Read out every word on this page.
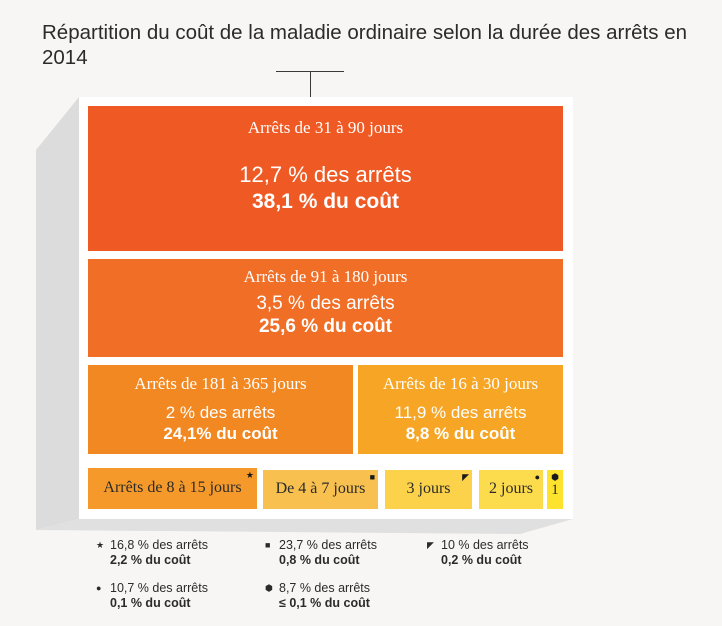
Répartition du coût de la maladie ordinaire selon la durée des arrêts en 2014
Arrêts de 31 à 90 jours
12,7 % des arrêts
38,1 % du coût
Arrêts de 91 à 180 jours
3,5 % des arrêts
25,6 % du coût
Arrêts de 181 à 365 jours
2 % des arrêts
24,1% du coût
Arrêts de 16 à 30 jours
11,9 % des arrêts
8,8 % du coût
Arrêts de 8 à 15 jours
★
De 4 à 7 jours
■
3 jours
◤
2 jours
●
1
⬢
★ 16,8 % des arrêts
2,2 % du coût
■ 23,7 % des arrêts
0,8 % du coût
◤ 10 % des arrêts
0,2 % du coût
● 10,7 % des arrêts
0,1 % du coût
⬢ 8,7 % des arrêts
≤ 0,1 % du coût
